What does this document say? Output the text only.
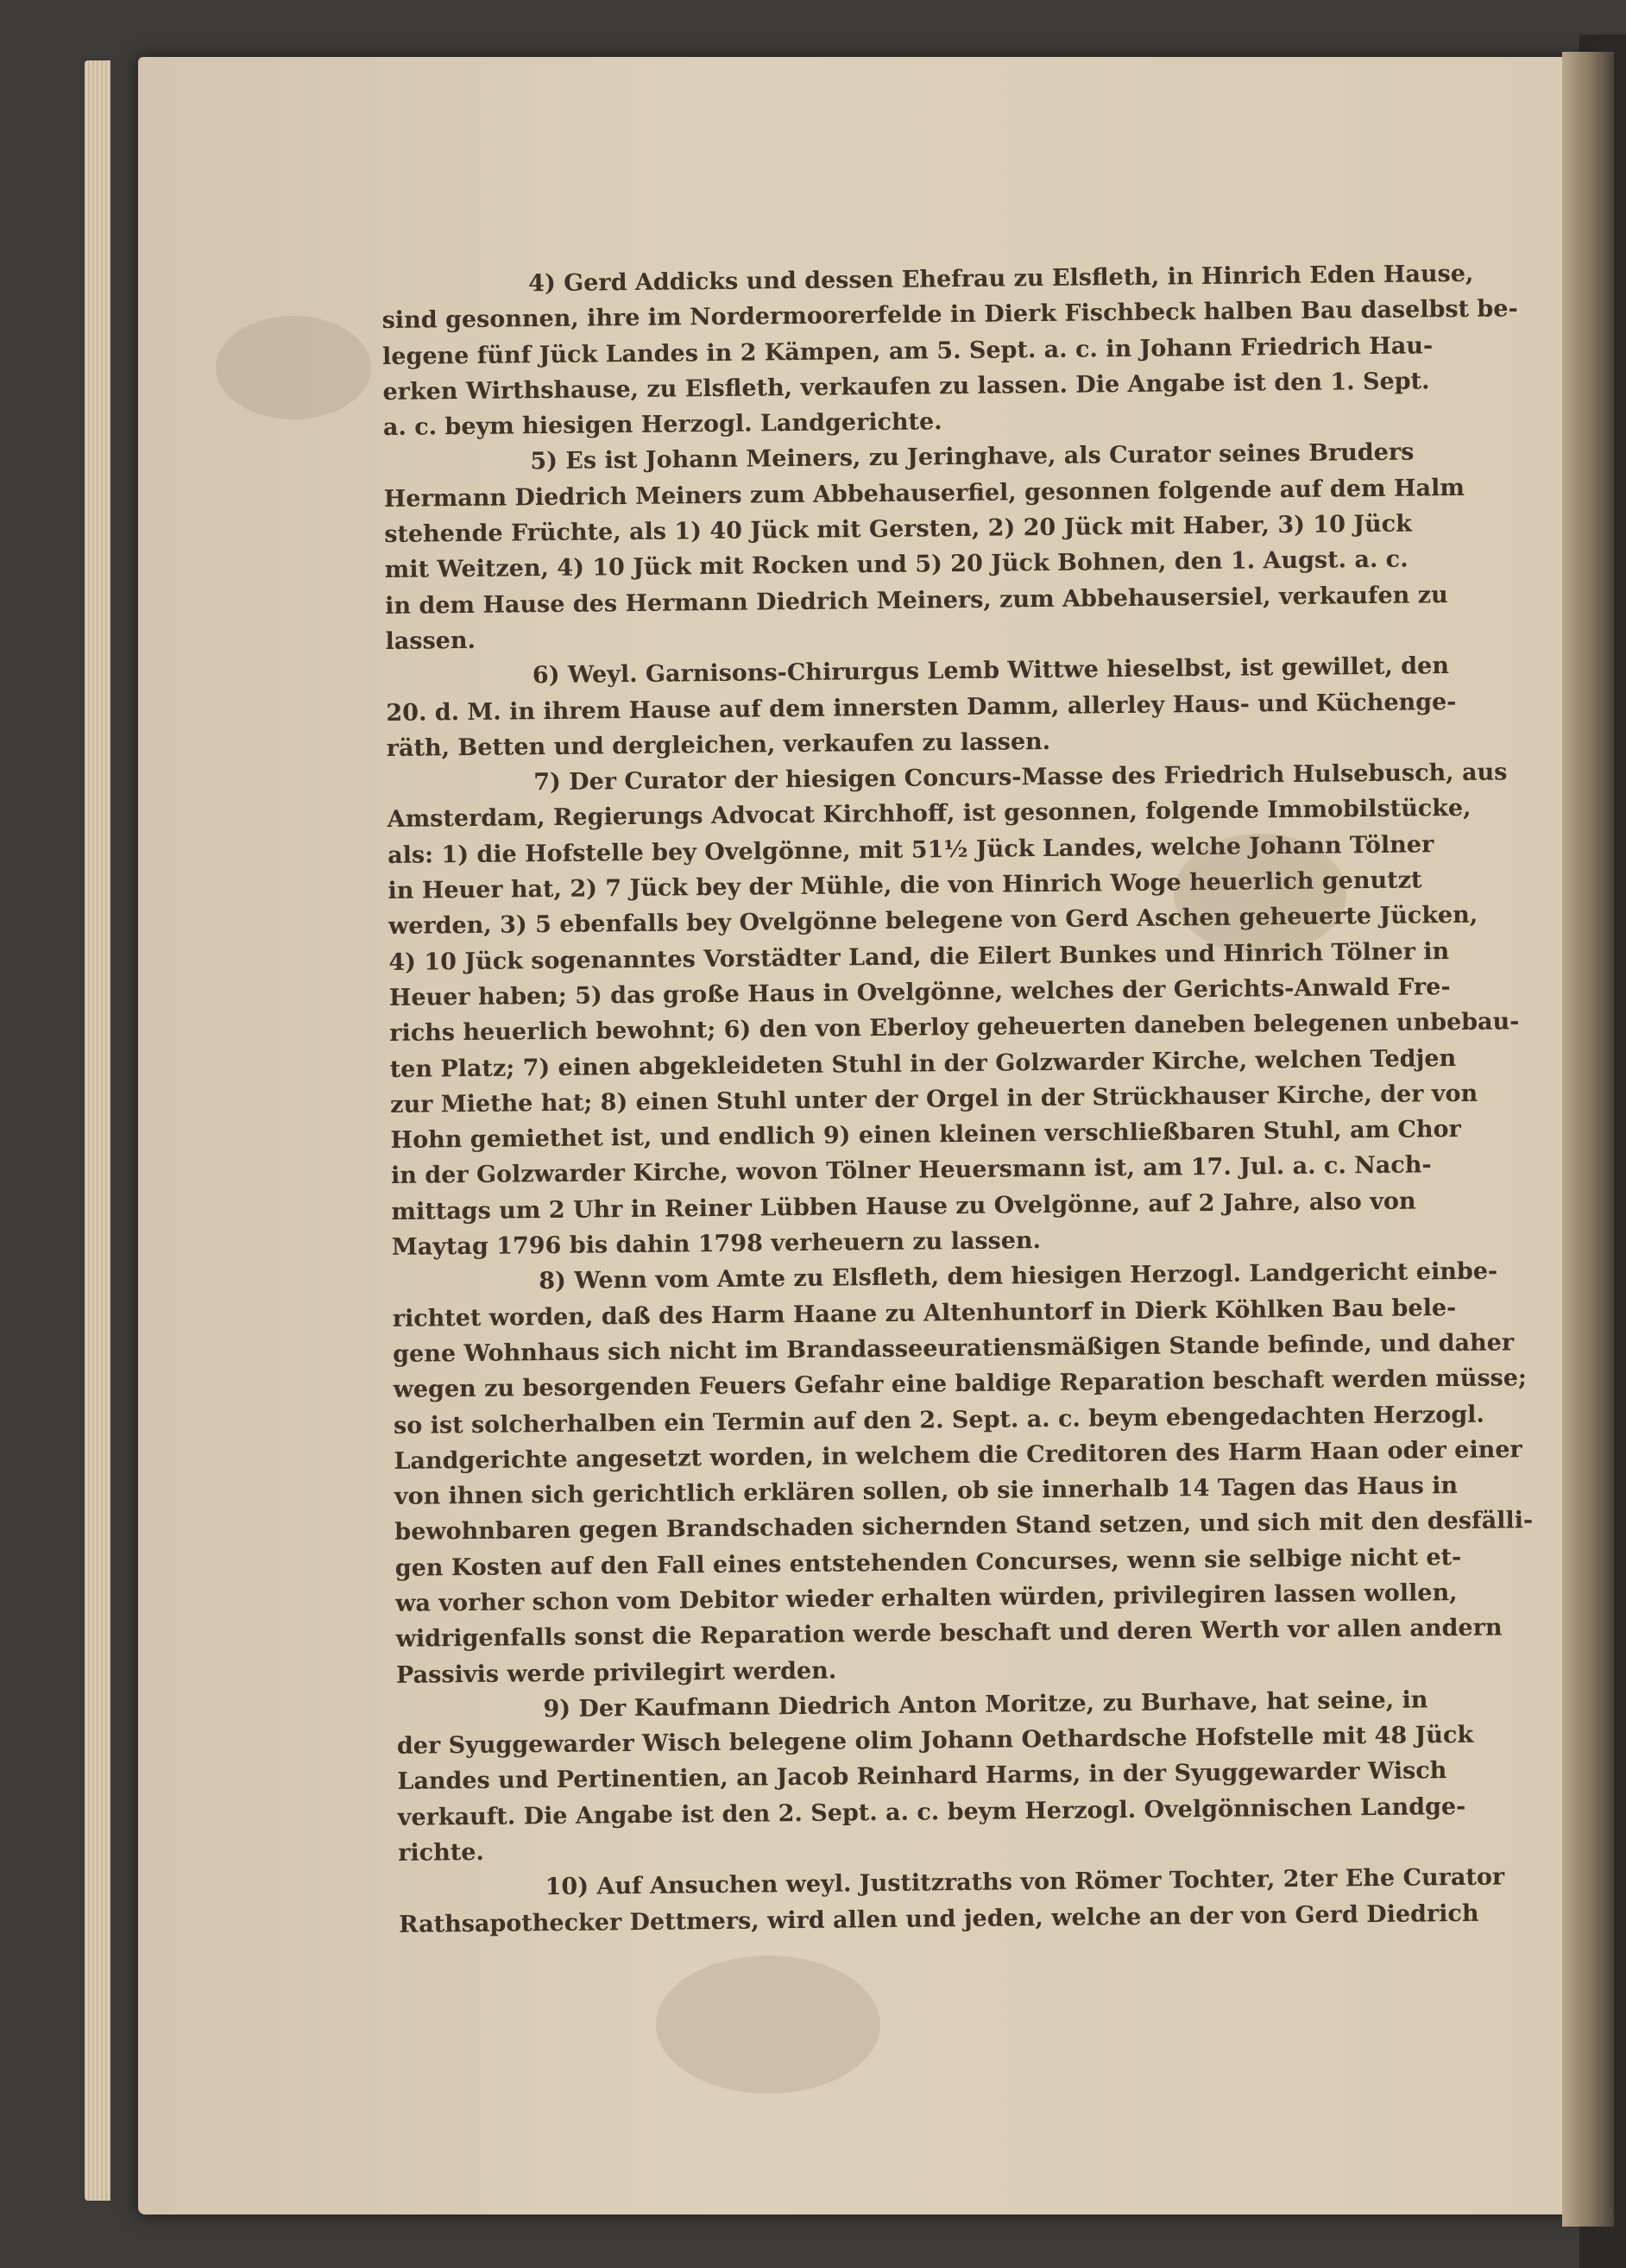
4) Gerd Addicks und dessen Ehefrau zu Elsfleth, in Hinrich Eden Hause,
sind gesonnen, ihre im Nordermoorerfelde in Dierk Fischbeck halben Bau daselbst be-
legene fünf Jück Landes in 2 Kämpen, am 5. Sept. a. c. in Johann Friedrich Hau-
erken Wirthshause, zu Elsfleth, verkaufen zu lassen. Die Angabe ist den 1. Sept.
a. c. beym hiesigen Herzogl. Landgerichte.

5) Es ist Johann Meiners, zu Jeringhave, als Curator seines Bruders
Hermann Diedrich Meiners zum Abbehauserfiel, gesonnen folgende auf dem Halm
stehende Früchte, als 1) 40 Jück mit Gersten, 2) 20 Jück mit Haber, 3) 10 Jück
mit Weitzen, 4) 10 Jück mit Rocken und 5) 20 Jück Bohnen, den 1. Augst. a. c.
in dem Hause des Hermann Diedrich Meiners, zum Abbehausersiel, verkaufen zu
lassen.

6) Weyl. Garnisons-Chirurgus Lemb Wittwe hieselbst, ist gewillet, den
20. d. M. in ihrem Hause auf dem innersten Damm, allerley Haus- und Küchenge-
räth, Betten und dergleichen, verkaufen zu lassen.

7) Der Curator der hiesigen Concurs-Masse des Friedrich Hulsebusch, aus
Amsterdam, Regierungs Advocat Kirchhoff, ist gesonnen, folgende Immobilstücke,
als: 1) die Hofstelle bey Ovelgönne, mit 51½ Jück Landes, welche Johann Tölner
in Heuer hat, 2) 7 Jück bey der Mühle, die von Hinrich Woge heuerlich genutzt
werden, 3) 5 ebenfalls bey Ovelgönne belegene von Gerd Aschen geheuerte Jücken,
4) 10 Jück sogenanntes Vorstädter Land, die Eilert Bunkes und Hinrich Tölner in
Heuer haben; 5) das große Haus in Ovelgönne, welches der Gerichts-Anwald Fre-
richs heuerlich bewohnt; 6) den von Eberloy geheuerten daneben belegenen unbebau-
ten Platz; 7) einen abgekleideten Stuhl in der Golzwarder Kirche, welchen Tedjen
zur Miethe hat; 8) einen Stuhl unter der Orgel in der Strückhauser Kirche, der von
Hohn gemiethet ist, und endlich 9) einen kleinen verschließbaren Stuhl, am Chor
in der Golzwarder Kirche, wovon Tölner Heuersmann ist, am 17. Jul. a. c. Nach-
mittags um 2 Uhr in Reiner Lübben Hause zu Ovelgönne, auf 2 Jahre, also von
Maytag 1796 bis dahin 1798 verheuern zu lassen.

8) Wenn vom Amte zu Elsfleth, dem hiesigen Herzogl. Landgericht einbe-
richtet worden, daß des Harm Haane zu Altenhuntorf in Dierk Köhlken Bau bele-
gene Wohnhaus sich nicht im Brandasseeuratiensmäßigen Stande befinde, und daher
wegen zu besorgenden Feuers Gefahr eine baldige Reparation beschaft werden müsse;
so ist solcherhalben ein Termin auf den 2. Sept. a. c. beym ebengedachten Herzogl.
Landgerichte angesetzt worden, in welchem die Creditoren des Harm Haan oder einer
von ihnen sich gerichtlich erklären sollen, ob sie innerhalb 14 Tagen das Haus in
bewohnbaren gegen Brandschaden sichernden Stand setzen, und sich mit den desfälli-
gen Kosten auf den Fall eines entstehenden Concurses, wenn sie selbige nicht et-
wa vorher schon vom Debitor wieder erhalten würden, privilegiren lassen wollen,
widrigenfalls sonst die Reparation werde beschaft und deren Werth vor allen andern
Passivis werde privilegirt werden.

9) Der Kaufmann Diedrich Anton Moritze, zu Burhave, hat seine, in
der Syuggewarder Wisch belegene olim Johann Oethardsche Hofstelle mit 48 Jück
Landes und Pertinentien, an Jacob Reinhard Harms, in der Syuggewarder Wisch
verkauft. Die Angabe ist den 2. Sept. a. c. beym Herzogl. Ovelgönnischen Landge-
richte.

10) Auf Ansuchen weyl. Justitzraths von Römer Tochter, 2ter Ehe Curator
Rathsapothecker Dettmers, wird allen und jeden, welche an der von Gerd Diedrich
